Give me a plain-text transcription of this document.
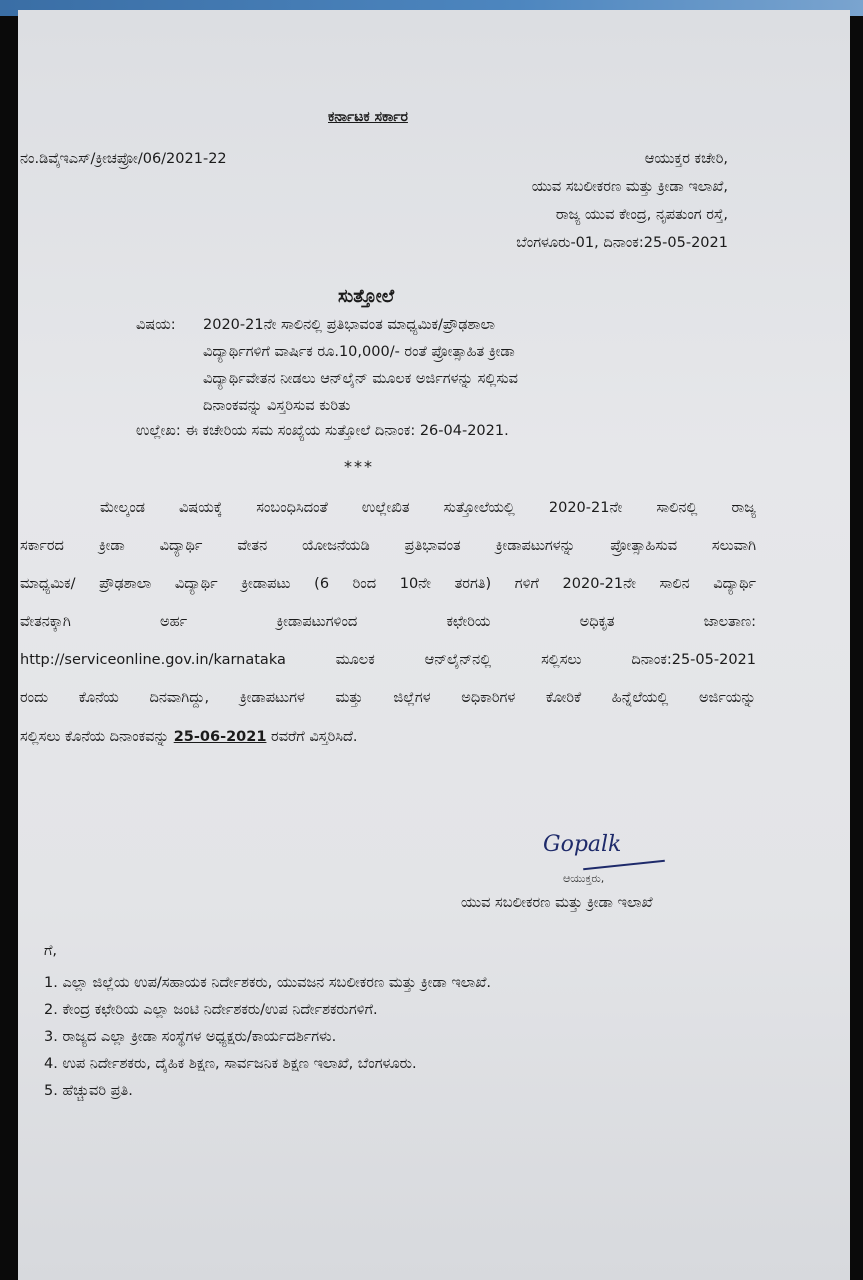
ಕರ್ನಾಟಕ ಸರ್ಕಾರ
ನಂ.ಡಿವೈಇಎಸ್/ಕ್ರೀಚಪ್ರೋ/06/2021-22	ಆಯುಕ್ತರ ಕಚೇರಿ,
ಯುವ ಸಬಲೀಕರಣ ಮತ್ತು ಕ್ರೀಡಾ ಇಲಾಖೆ,
ರಾಜ್ಯ ಯುವ ಕೇಂದ್ರ, ನೃಪತುಂಗ ರಸ್ತೆ,
ಬೆಂಗಳೂರು-01, ದಿನಾಂಕ:25-05-2021
ಸುತ್ತೋಲೆ
ವಿಷಯ: 2020-21ನೇ ಸಾಲಿನಲ್ಲಿ ಪ್ರತಿಭಾವಂತ ಮಾಧ್ಯಮಿಕ/ಪ್ರೌಢಶಾಲಾ
ವಿದ್ಯಾರ್ಥಿಗಳಿಗೆ ವಾರ್ಷಿಕ ರೂ.10,000/- ರಂತೆ ಪ್ರೋತ್ಸಾಹಿತ ಕ್ರೀಡಾ
ವಿದ್ಯಾರ್ಥಿವೇತನ ನೀಡಲು ಆನ್‌ಲೈನ್ ಮೂಲಕ ಅರ್ಜಿಗಳನ್ನು ಸಲ್ಲಿಸುವ
ದಿನಾಂಕವನ್ನು ವಿಸ್ತರಿಸುವ ಕುರಿತು
ಉಲ್ಲೇಖ: ಈ ಕಚೇರಿಯ ಸಮ ಸಂಖ್ಯೆಯ ಸುತ್ತೋಲೆ ದಿನಾಂಕ: 26-04-2021.
***
ಮೇಲ್ಕಂಡ ವಿಷಯಕ್ಕೆ ಸಂಬಂಧಿಸಿದಂತೆ ಉಲ್ಲೇಖಿತ ಸುತ್ತೋಲೆಯಲ್ಲಿ 2020-21ನೇ ಸಾಲಿನಲ್ಲಿ ರಾಜ್ಯ
ಸರ್ಕಾರದ ಕ್ರೀಡಾ ವಿದ್ಯಾರ್ಥಿ ವೇತನ ಯೋಜನೆಯಡಿ ಪ್ರತಿಭಾವಂತ ಕ್ರೀಡಾಪಟುಗಳನ್ನು ಪ್ರೋತ್ಸಾಹಿಸುವ ಸಲುವಾಗಿ
ಮಾಧ್ಯಮಿಕ/ ಪ್ರೌಢಶಾಲಾ ವಿದ್ಯಾರ್ಥಿ ಕ್ರೀಡಾಪಟು (6 ರಿಂದ 10ನೇ ತರಗತಿ) ಗಳಿಗೆ 2020-21ನೇ ಸಾಲಿನ ವಿದ್ಯಾರ್ಥಿ
ವೇತನಕ್ಕಾಗಿ ಅರ್ಹ ಕ್ರೀಡಾಪಟುಗಳಿಂದ ಕಛೇರಿಯ ಅಧಿಕೃತ ಜಾಲತಾಣ:
http://serviceonline.gov.in/karnataka ಮೂಲಕ ಆನ್‌ಲೈನ್‌ನಲ್ಲಿ ಸಲ್ಲಿಸಲು ದಿನಾಂಕ:25-05-2021
ರಂದು ಕೊನೆಯ ದಿನವಾಗಿದ್ದು, ಕ್ರೀಡಾಪಟುಗಳ ಮತ್ತು ಜಿಲ್ಲೆಗಳ ಅಧಿಕಾರಿಗಳ ಕೋರಿಕೆ ಹಿನ್ನೆಲೆಯಲ್ಲಿ ಅರ್ಜಿಯನ್ನು
ಸಲ್ಲಿಸಲು ಕೊನೆಯ ದಿನಾಂಕವನ್ನು 25-06-2021 ರವರೆಗೆ ವಿಸ್ತರಿಸಿದೆ.
Gopalk
ಆಯುಕ್ತರು,
ಯುವ ಸಬಲೀಕರಣ ಮತ್ತು ಕ್ರೀಡಾ ಇಲಾಖೆ
ಗೆ,
1. ಎಲ್ಲಾ ಜಿಲ್ಲೆಯ ಉಪ/ಸಹಾಯಕ ನಿರ್ದೇಶಕರು, ಯುವಜನ ಸಬಲೀಕರಣ ಮತ್ತು ಕ್ರೀಡಾ ಇಲಾಖೆ.
2. ಕೇಂದ್ರ ಕಛೇರಿಯ ಎಲ್ಲಾ ಜಂಟಿ ನಿರ್ದೇಶಕರು/ಉಪ ನಿರ್ದೇಶಕರುಗಳಿಗೆ.
3. ರಾಜ್ಯದ ಎಲ್ಲಾ ಕ್ರೀಡಾ ಸಂಸ್ಥೆಗಳ ಅಧ್ಯಕ್ಷರು/ಕಾರ್ಯದರ್ಶಿಗಳು.
4. ಉಪ ನಿರ್ದೇಶಕರು, ದೈಹಿಕ ಶಿಕ್ಷಣ, ಸಾರ್ವಜನಿಕ ಶಿಕ್ಷಣ ಇಲಾಖೆ, ಬೆಂಗಳೂರು.
5. ಹೆಚ್ಚುವರಿ ಪ್ರತಿ.
